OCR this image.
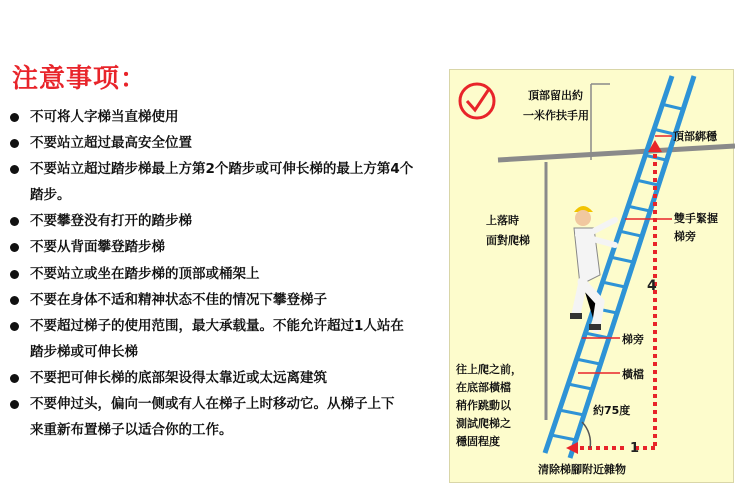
注意事项：
不可将人字梯当直梯使用
不要站立超过最高安全位置
不要站立超过踏步梯最上方第2个踏步或可伸长梯的最上方第4个
踏步。
不要攀登没有打开的踏步梯
不要从背面攀登踏步梯
不要站立或坐在踏步梯的顶部或桶架上
不要在身体不适和精神状态不佳的情况下攀登梯子
不要超过梯子的使用范围，最大承载量。不能允许超过1人站在
踏步梯或可伸长梯
不要把可伸长梯的底部架设得太靠近或太远离建筑
不要伸过头，偏向一侧或有人在梯子上时移动它。从梯子上下
来重新布置梯子以适合你的工作。
頂部留出約
一米作扶手用
頂部綁穩
上落時
面對爬梯
雙手緊握
梯旁
4
梯旁
橫檔
往上爬之前，
在底部橫檔
稍作跳動以
測試爬梯之
穩固程度
約75度
1
清除梯腳附近雜物
